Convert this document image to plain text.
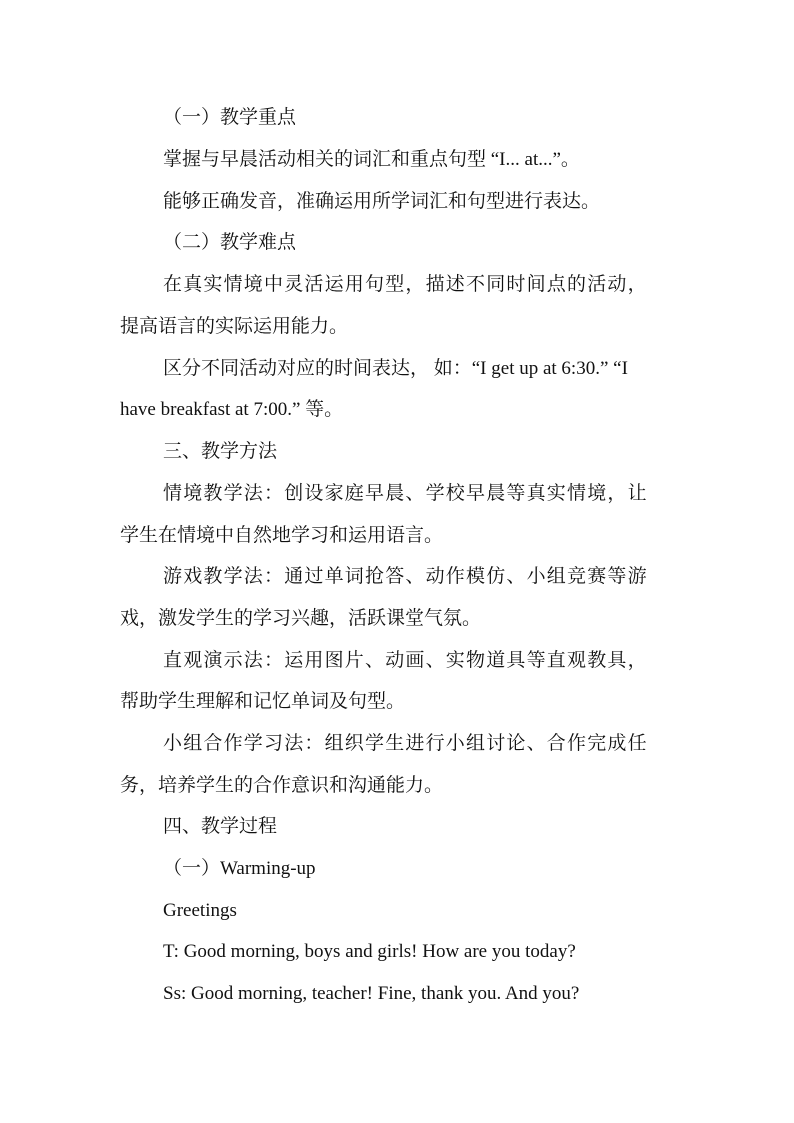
（一）教学重点
掌握与早晨活动相关的词汇和重点句型 “I... at...”。
能够正确发音，准确运用所学词汇和句型进行表达。
（二）教学难点
在真实情境中灵活运用句型，描述不同时间点的活动，
提高语言的实际运用能力。
区分不同活动对应的时间表达， 如：“I get up at 6:30.” “I
have breakfast at 7:00.” 等。
三、教学方法
情境教学法：创设家庭早晨、学校早晨等真实情境，让
学生在情境中自然地学习和运用语言。
游戏教学法：通过单词抢答、动作模仿、小组竞赛等游
戏，激发学生的学习兴趣，活跃课堂气氛。
直观演示法：运用图片、动画、实物道具等直观教具，
帮助学生理解和记忆单词及句型。
小组合作学习法：组织学生进行小组讨论、合作完成任
务，培养学生的合作意识和沟通能力。
四、教学过程
（一）Warming-up
Greetings
T: Good morning, boys and girls! How are you today?
Ss: Good morning, teacher! Fine, thank you. And you?
